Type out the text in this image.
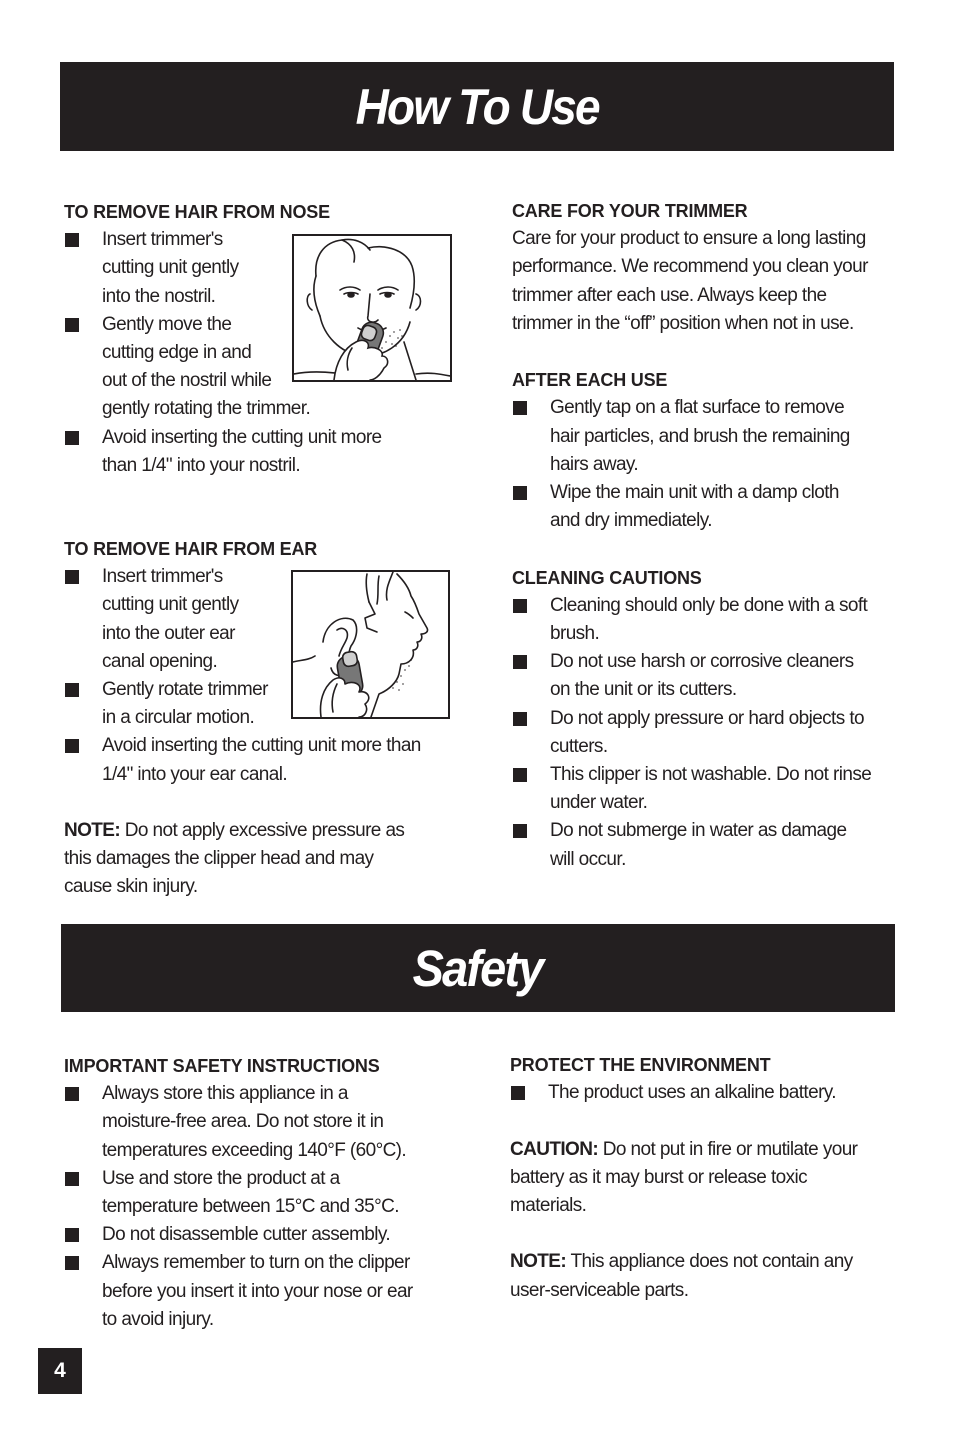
How To Use
TO REMOVE HAIR FROM NOSE
Insert trimmer's
cutting unit gently
into the nostril.
Gently move the
cutting edge in and
out of the nostril while
gently rotating the trimmer.
Avoid inserting the cutting unit more
than 1/4" into your nostril.
TO REMOVE HAIR FROM EAR
Insert trimmer's
cutting unit gently
into the outer ear
canal opening.
Gently rotate trimmer
in a circular motion.
Avoid inserting the cutting unit more than
1/4" into your ear canal.
NOTE: Do not apply excessive pressure as
this damages the clipper head and may
cause skin injury.
CARE FOR YOUR TRIMMER
Care for your product to ensure a long lasting
performance. We recommend you clean your
trimmer after each use. Always keep the
trimmer in the “off” position when not in use.
AFTER EACH USE
Gently tap on a flat surface to remove
hair particles, and brush the remaining
hairs away.
Wipe the main unit with a damp cloth
and dry immediately.
CLEANING CAUTIONS
Cleaning should only be done with a soft
brush.
Do not use harsh or corrosive cleaners
on the unit or its cutters.
Do not apply pressure or hard objects to
cutters.
This clipper is not washable. Do not rinse
under water.
Do not submerge in water as damage
will occur.
Safety
IMPORTANT SAFETY INSTRUCTIONS
Always store this appliance in a
moisture-free area. Do not store it in
temperatures exceeding 140°F (60°C).
Use and store the product at a
temperature between 15°C and 35°C.
Do not disassemble cutter assembly.
Always remember to turn on the clipper
before you insert it into your nose or ear
to avoid injury.
PROTECT THE ENVIRONMENT
The product uses an alkaline battery.
CAUTION: Do not put in fire or mutilate your
battery as it may burst or release toxic
materials.
NOTE: This appliance does not contain any
user-serviceable parts.
4
